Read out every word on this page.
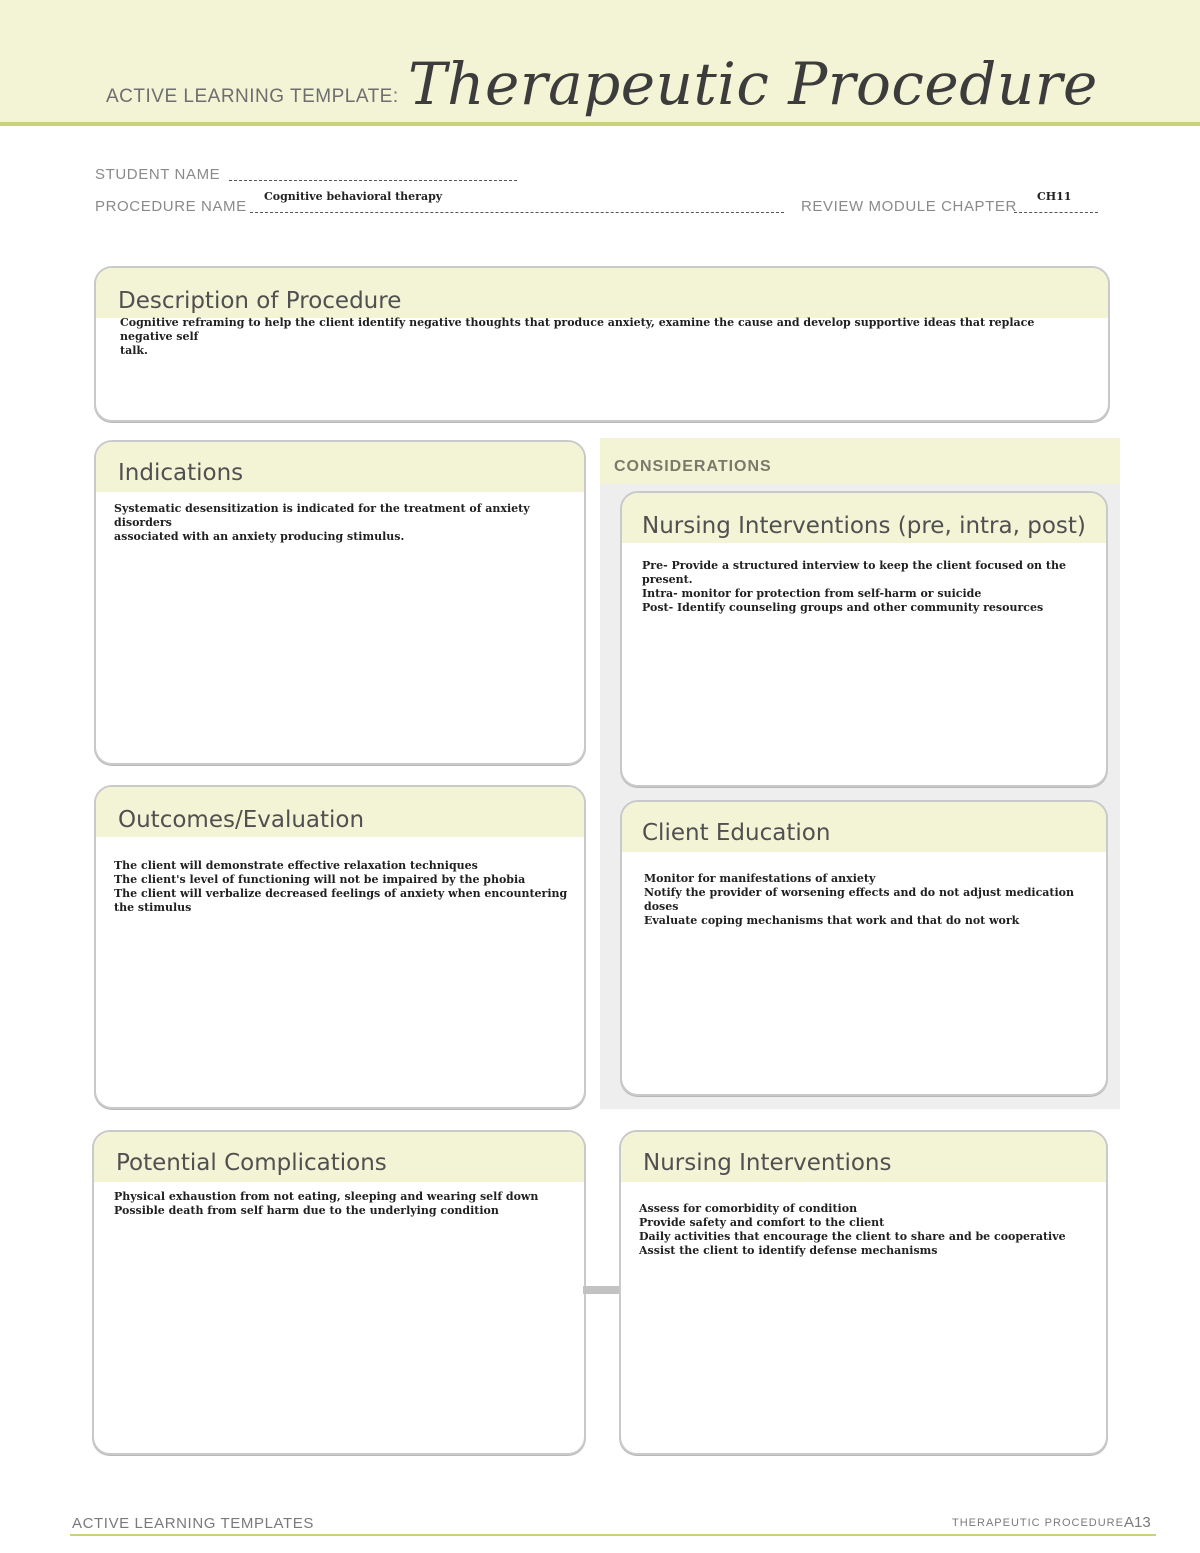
ACTIVE LEARNING TEMPLATE: Therapeutic Procedure
STUDENT NAME
PROCEDURE NAME
Cognitive behavioral therapy
REVIEW MODULE CHAPTER
CH11
Description of Procedure
Cognitive reframing to help the client identify negative thoughts that produce anxiety, examine the cause and develop supportive ideas that replace negative self
talk.
Indications
Systematic desensitization is indicated for the treatment of anxiety disorders
associated with an anxiety producing stimulus.
CONSIDERATIONS
Nursing Interventions (pre, intra, post)
Pre- Provide a structured interview to keep the client focused on the
present.
Intra- monitor for protection from self-harm or suicide
Post- Identify counseling groups and other community resources
Outcomes/Evaluation
The client will demonstrate effective relaxation techniques
The client's level of functioning will not be impaired by the phobia
The client will verbalize decreased feelings of anxiety when encountering
the stimulus
Client Education
Monitor for manifestations of anxiety
Notify the provider of worsening effects and do not adjust medication
doses
Evaluate coping mechanisms that work and that do not work
Potential Complications
Physical exhaustion from not eating, sleeping and wearing self down
Possible death from self harm due to the underlying condition
Nursing Interventions
Assess for comorbidity of condition
Provide safety and comfort to the client
Daily activities that encourage the client to share and be cooperative
Assist the client to identify defense mechanisms
ACTIVE LEARNING TEMPLATES	THERAPEUTIC PROCEDURE A13
